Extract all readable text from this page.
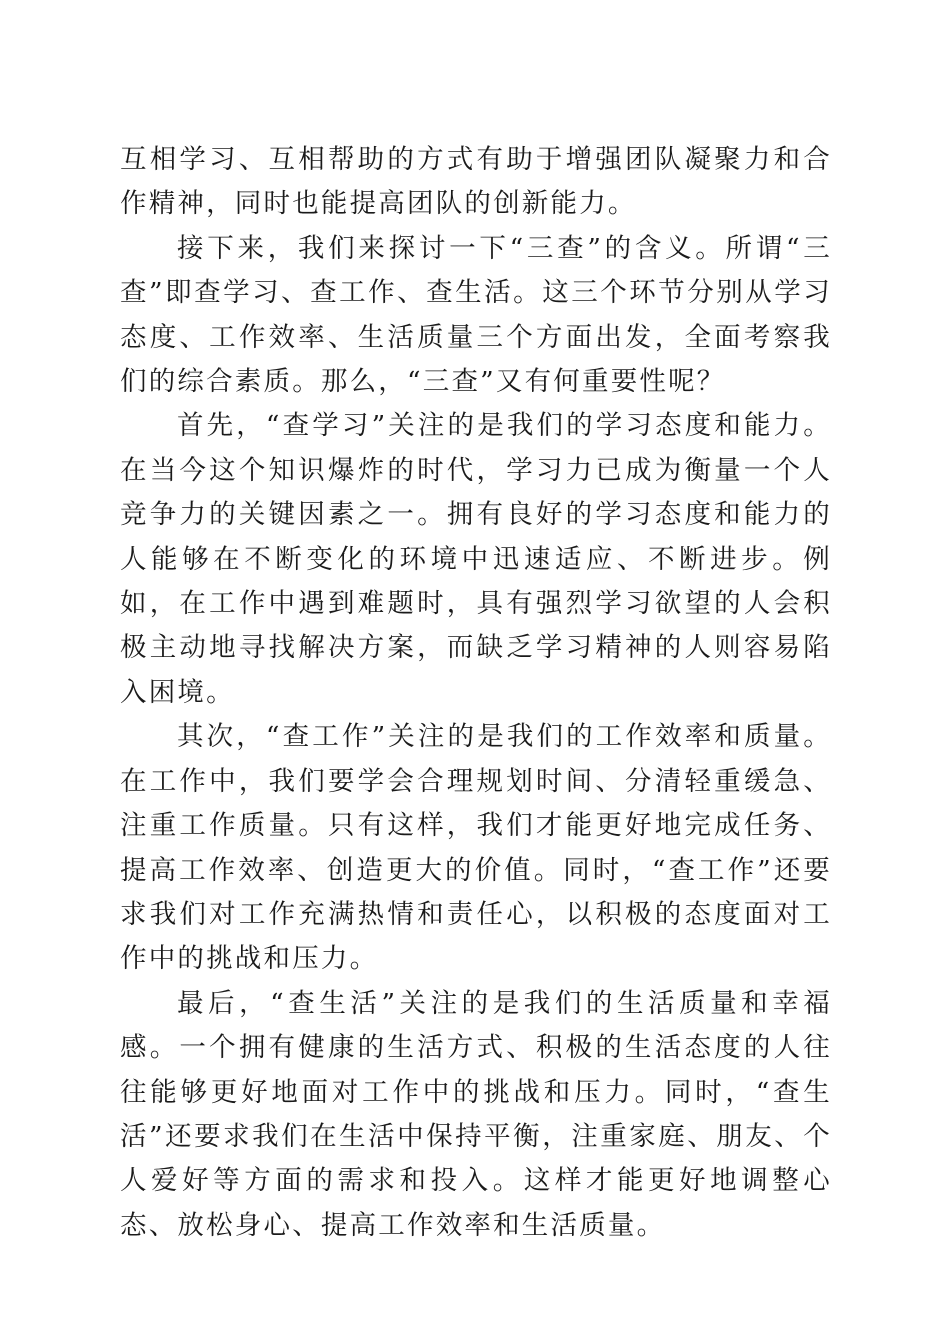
互相学习、互相帮助的方式有助于增强团队凝聚力和合作精神，同时也能提高团队的创新能力。

接下来，我们来探讨一下“三查”的含义。所谓“三查”即查学习、查工作、查生活。这三个环节分别从学习态度、工作效率、生活质量三个方面出发，全面考察我们的综合素质。那么，“三查”又有何重要性呢？

首先，“查学习”关注的是我们的学习态度和能力。在当今这个知识爆炸的时代，学习力已成为衡量一个人竞争力的关键因素之一。拥有良好的学习态度和能力的人能够在不断变化的环境中迅速适应、不断进步。例如，在工作中遇到难题时，具有强烈学习欲望的人会积极主动地寻找解决方案，而缺乏学习精神的人则容易陷入困境。

其次，“查工作”关注的是我们的工作效率和质量。在工作中，我们要学会合理规划时间、分清轻重缓急、注重工作质量。只有这样，我们才能更好地完成任务、提高工作效率、创造更大的价值。同时，“查工作”还要求我们对工作充满热情和责任心，以积极的态度面对工作中的挑战和压力。

最后，“查生活”关注的是我们的生活质量和幸福感。一个拥有健康的生活方式、积极的生活态度的人往往能够更好地面对工作中的挑战和压力。同时，“查生活”还要求我们在生活中保持平衡，注重家庭、朋友、个人爱好等方面的需求和投入。这样才能更好地调整心态、放松身心、提高工作效率和生活质量。
